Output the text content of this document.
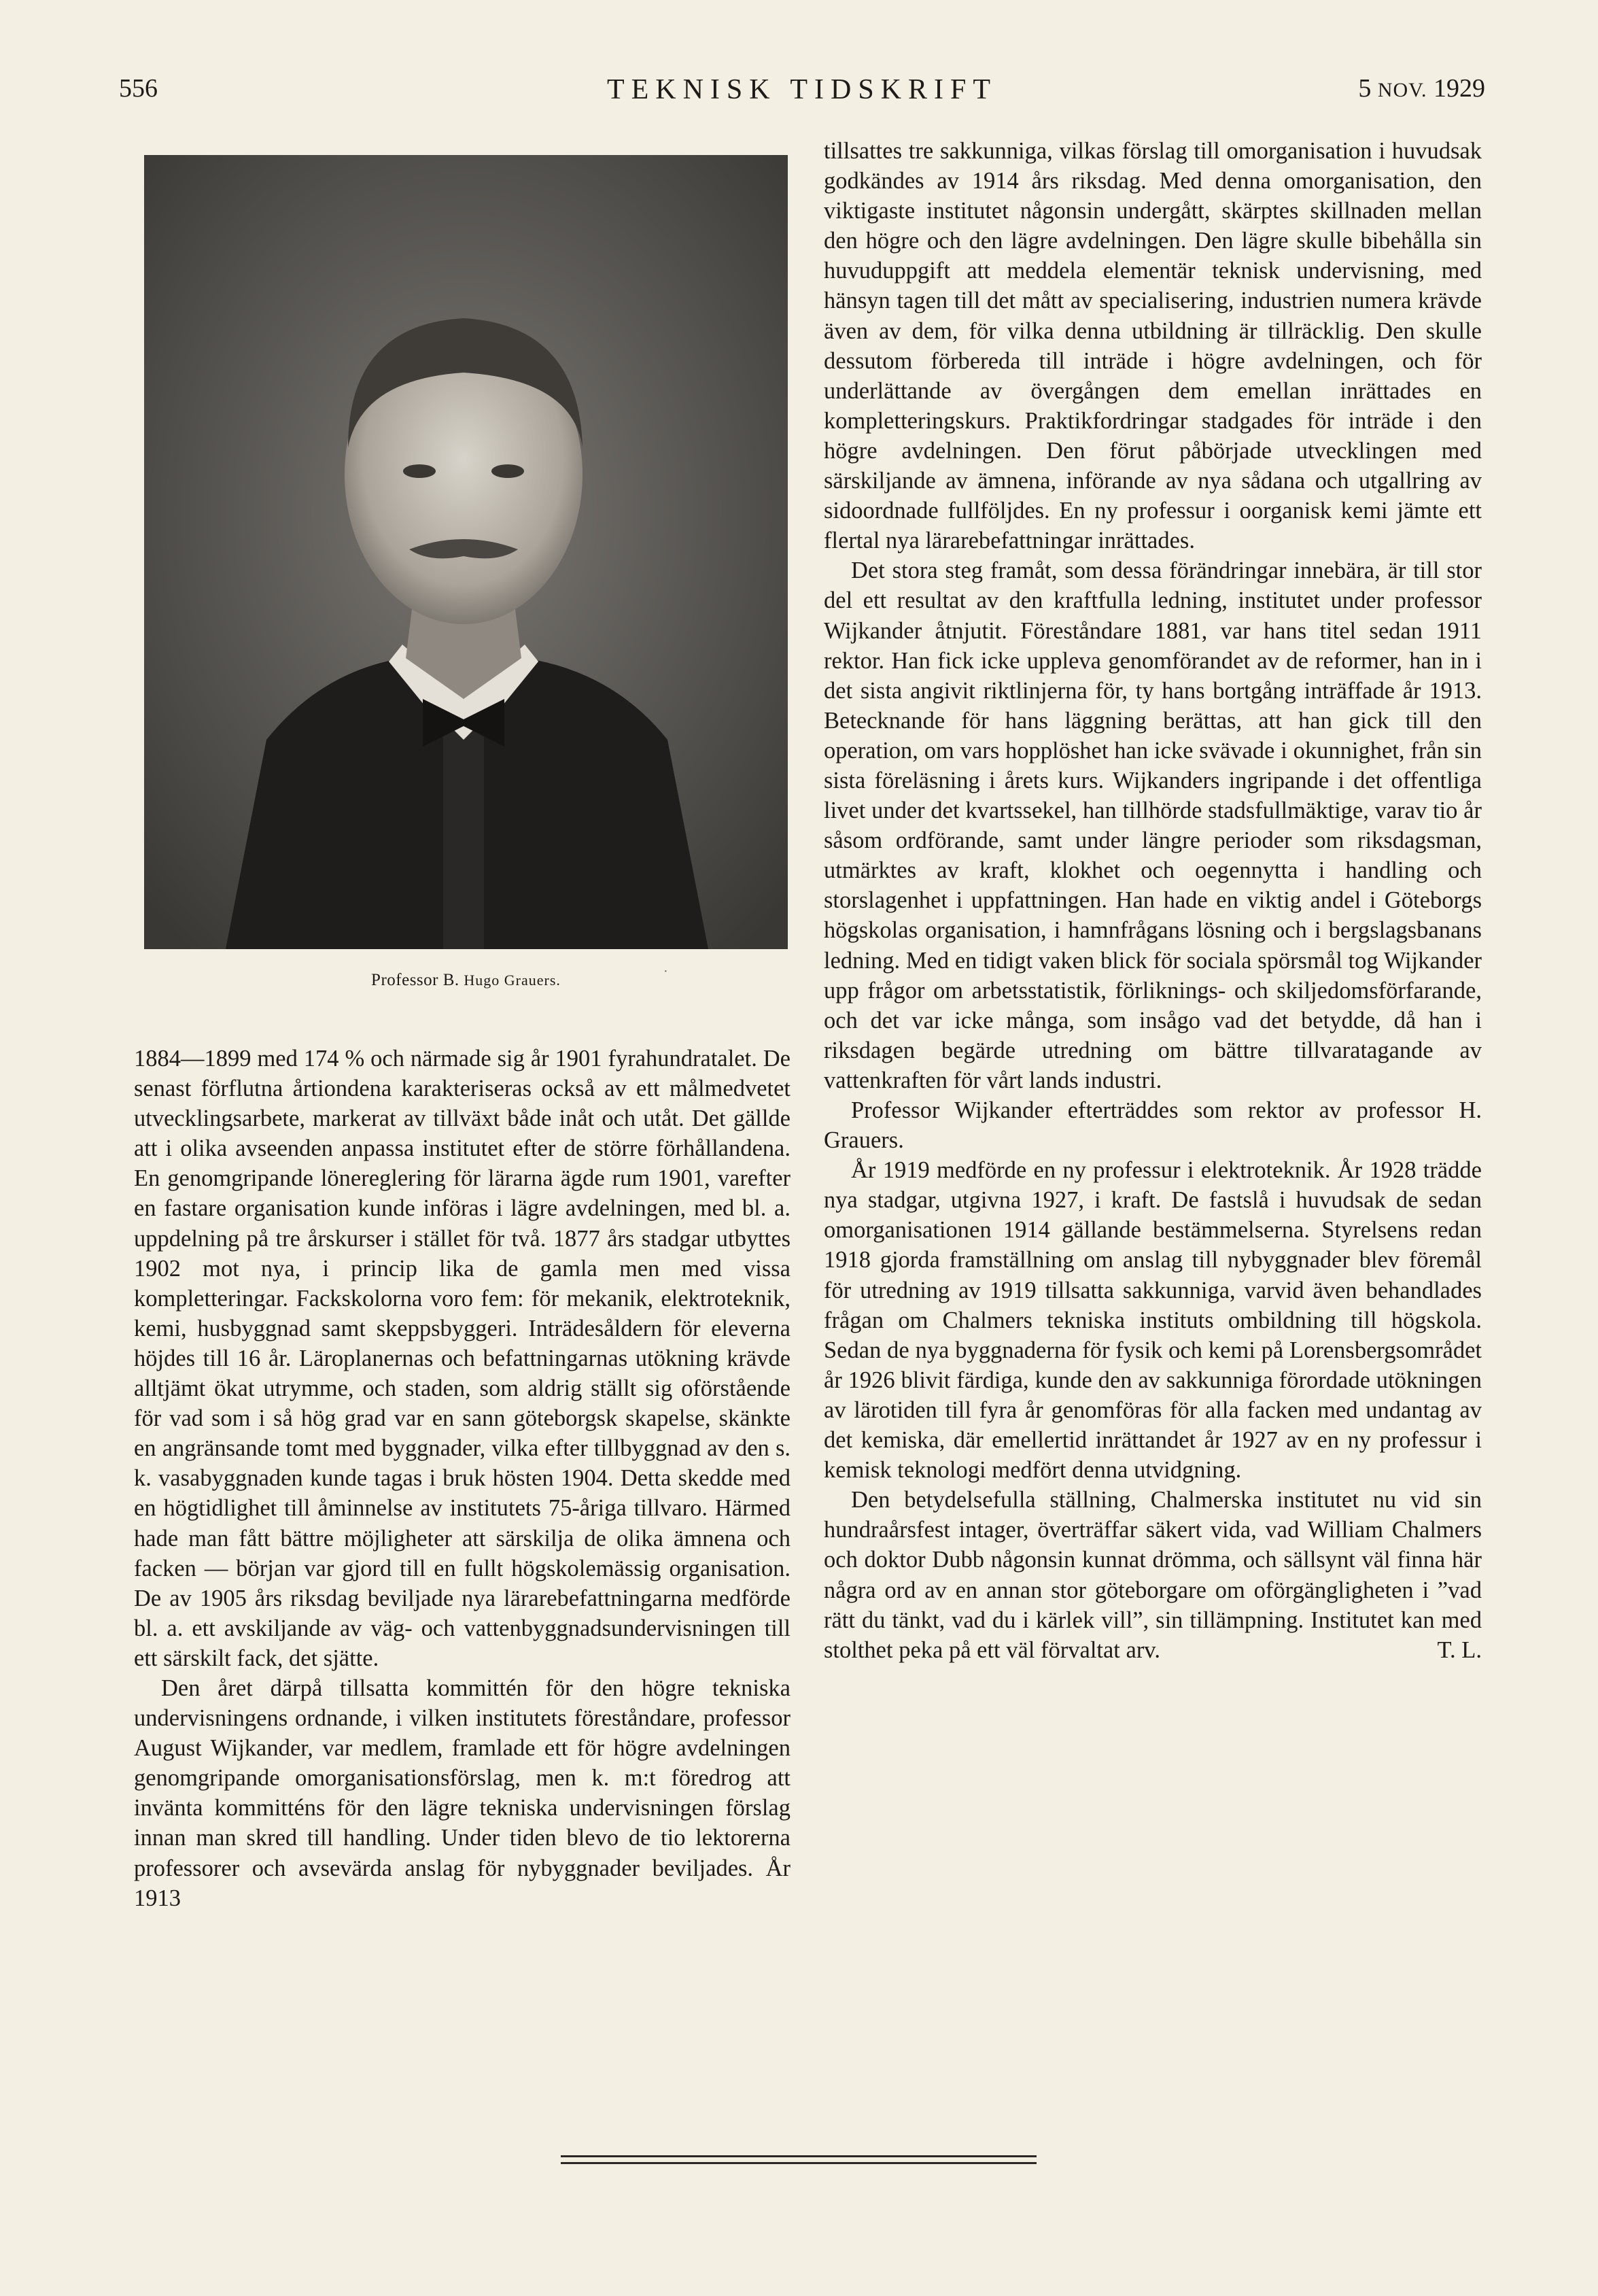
556	TEKNISK TIDSKRIFT	5 NOV. 1929
Professor B. Hugo Grauers.	·

1884—1899 med 174 % och närmade sig år 1901 fyrahundratalet. De senast förflutna årtiondena karakteriseras också av ett målmedvetet utvecklingsarbete, markerat av tillväxt både inåt och utåt. Det gällde att i olika avseenden anpassa institutet efter de större förhållandena. En genomgripande lönereglering för lärarna ägde rum 1901, varefter en fastare organisation kunde införas i lägre avdelningen, med bl. a. uppdelning på tre årskurser i stället för två. 1877 års stadgar utbyttes 1902 mot nya, i princip lika de gamla men med vissa kompletteringar. Fackskolorna voro fem: för mekanik, elektroteknik, kemi, husbyggnad samt skeppsbyggeri. Inträdesåldern för eleverna höjdes till 16 år. Läroplanernas och befattningarnas utökning krävde alltjämt ökat utrymme, och staden, som aldrig ställt sig oförstående för vad som i så hög grad var en sann göteborgsk skapelse, skänkte en angränsande tomt med byggnader, vilka efter tillbyggnad av den s. k. vasabyggnaden kunde tagas i bruk hösten 1904. Detta skedde med en högtidlighet till åminnelse av institutets 75-åriga tillvaro. Härmed hade man fått bättre möjligheter att särskilja de olika ämnena och facken — början var gjord till en fullt högskolemässig organisation. De av 1905 års riksdag beviljade nya lärarebefattningarna medförde bl. a. ett avskiljande av väg- och vattenbyggnadsundervisningen till ett särskilt fack, det sjätte.

Den året därpå tillsatta kommittén för den högre tekniska undervisningens ordnande, i vilken institutets föreståndare, professor August Wijkander, var medlem, framlade ett för högre avdelningen genomgripande omorganisationsförslag, men k. m:t föredrog att invänta kommitténs för den lägre tekniska undervisningen förslag innan man skred till handling. Under tiden blevo de tio lektorerna professorer och avsevärda anslag för nybyggnader beviljades. År 1913

tillsattes tre sakkunniga, vilkas förslag till omorganisation i huvudsak godkändes av 1914 års riksdag. Med denna omorganisation, den viktigaste institutet någonsin undergått, skärptes skillnaden mellan den högre och den lägre avdelningen. Den lägre skulle bibehålla sin huvuduppgift att meddela elementär teknisk undervisning, med hänsyn tagen till det mått av specialisering, industrien numera krävde även av dem, för vilka denna utbildning är tillräcklig. Den skulle dessutom förbereda till inträde i högre avdelningen, och för underlättande av övergången dem emellan inrättades en kompletteringskurs. Praktikfordringar stadgades för inträde i den högre avdelningen. Den förut påbörjade utvecklingen med särskiljande av ämnena, införande av nya sådana och utgallring av sidoordnade fullföljdes. En ny professur i oorganisk kemi jämte ett flertal nya lärarebefattningar inrättades.

Det stora steg framåt, som dessa förändringar innebära, är till stor del ett resultat av den kraftfulla ledning, institutet under professor Wijkander åtnjutit. Föreståndare 1881, var hans titel sedan 1911 rektor. Han fick icke uppleva genomförandet av de reformer, han in i det sista angivit riktlinjerna för, ty hans bortgång inträffade år 1913. Betecknande för hans läggning berättas, att han gick till den operation, om vars hopplöshet han icke svävade i okunnighet, från sin sista föreläsning i årets kurs. Wijkanders ingripande i det offentliga livet under det kvartssekel, han tillhörde stadsfullmäktige, varav tio år såsom ordförande, samt under längre perioder som riksdagsman, utmärktes av kraft, klokhet och oegennytta i handling och storslagenhet i uppfattningen. Han hade en viktig andel i Göteborgs högskolas organisation, i hamnfrågans lösning och i bergslagsbanans ledning. Med en tidigt vaken blick för sociala spörsmål tog Wijkander upp frågor om arbetsstatistik, förliknings- och skiljedomsförfarande, och det var icke många, som insågo vad det betydde, då han i riksdagen begärde utredning om bättre tillvaratagande av vattenkraften för vårt lands industri.

Professor Wijkander efterträddes som rektor av professor H. Grauers.

År 1919 medförde en ny professur i elektroteknik. År 1928 trädde nya stadgar, utgivna 1927, i kraft. De fastslå i huvudsak de sedan omorganisationen 1914 gällande bestämmelserna. Styrelsens redan 1918 gjorda framställning om anslag till nybyggnader blev föremål för utredning av 1919 tillsatta sakkunniga, varvid även behandlades frågan om Chalmers tekniska instituts ombildning till högskola. Sedan de nya byggnaderna för fysik och kemi på Lorensbergsområdet år 1926 blivit färdiga, kunde den av sakkunniga förordade utökningen av lärotiden till fyra år genomföras för alla facken med undantag av det kemiska, där emellertid inrättandet år 1927 av en ny professur i kemisk teknologi medfört denna utvidgning.

Den betydelsefulla ställning, Chalmerska institutet nu vid sin hundraårsfest intager, överträffar säkert vida, vad William Chalmers och doktor Dubb någonsin kunnat drömma, och sällsynt väl finna här några ord av en annan stor göteborgare om oförgängligheten i ”vad rätt du tänkt, vad du i kärlek vill”, sin tillämpning. Institutet kan med stolthet peka på ett väl förvaltat arv.	T. L.
